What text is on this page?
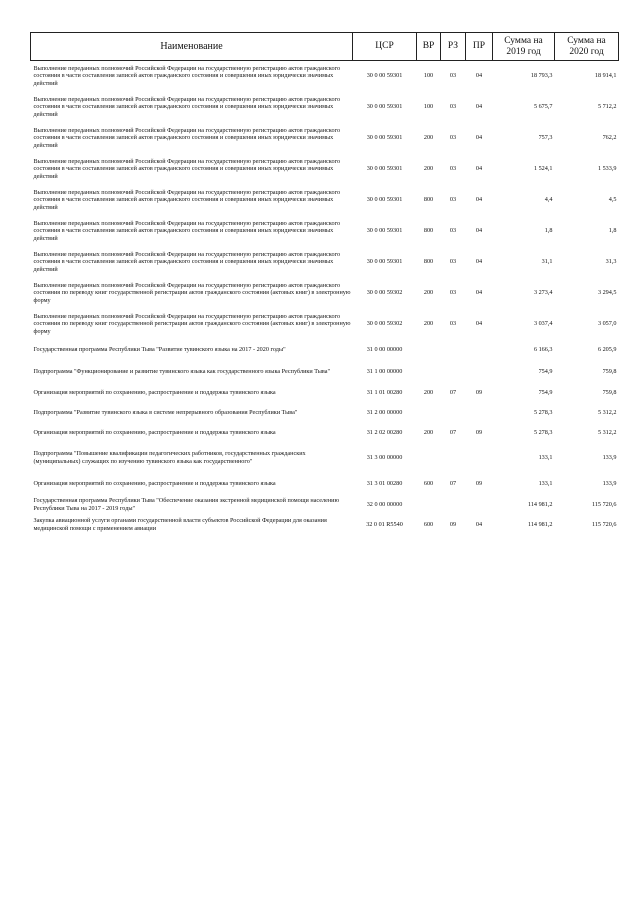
Наименование	ЦСР	ВР	РЗ	ПР	Сумма на 2019 год	Сумма на 2020 год
Выполнение переданных полномочий Российской Федерации на государственную регистрацию актов гражданского состояния в части составления записей актов гражданского состояния и совершения иных юридически значимых действий	30 0 00 59301	100	03	04	18 793,3	18 914,1
Выполнение переданных полномочий Российской Федерации на государственную регистрацию актов гражданского состояния в части составления записей актов гражданского состояния и совершения иных юридически значимых действий	30 0 00 59301	100	03	04	5 675,7	5 712,2
Выполнение переданных полномочий Российской Федерации на государственную регистрацию актов гражданского состояния в части составления записей актов гражданского состояния и совершения иных юридически значимых действий	30 0 00 59301	200	03	04	757,3	762,2
Выполнение переданных полномочий Российской Федерации на государственную регистрацию актов гражданского состояния в части составления записей актов гражданского состояния и совершения иных юридически значимых действий	30 0 00 59301	200	03	04	1 524,1	1 533,9
Выполнение переданных полномочий Российской Федерации на государственную регистрацию актов гражданского состояния в части составления записей актов гражданского состояния и совершения иных юридически значимых действий	30 0 00 59301	800	03	04	4,4	4,5
Выполнение переданных полномочий Российской Федерации на государственную регистрацию актов гражданского состояния в части составления записей актов гражданского состояния и совершения иных юридически значимых действий	30 0 00 59301	800	03	04	1,8	1,8
Выполнение переданных полномочий Российской Федерации на государственную регистрацию актов гражданского состояния в части составления записей актов гражданского состояния и совершения иных юридически значимых действий	30 0 00 59301	800	03	04	31,1	31,3
Выполнение переданных полномочий Российской Федерации на государственную регистрацию актов гражданского состояния по переводу книг государственной регистрации актов гражданского состояния (актовых книг) в электронную форму	30 0 00 59302	200	03	04	3 273,4	3 294,5
Выполнение переданных полномочий Российской Федерации на государственную регистрацию актов гражданского состояния по переводу книг государственной регистрации актов гражданского состояния (актовых книг) в электронную форму	30 0 00 59302	200	03	04	3 037,4	3 057,0
Государственная программа Республики Тыва "Развитие тувинского языка на 2017 - 2020 годы"	31 0 00 00000				6 166,3	6 205,9
Подпрограмма "Функционирование и развитие тувинского языка как государственного языка Республики Тыва"	31 1 00 00000				754,9	759,8
Организация мероприятий по сохранению, распространение и поддержка тувинского языка	31 1 01 00280	200	07	09	754,9	759,8
Подпрограмма "Развитие тувинского языка в системе непрерывного образования Республики Тыва"	31 2 00 00000				5 278,3	5 312,2
Организация мероприятий по сохранению, распространение и поддержка тувинского языка	31 2 02 00280	200	07	09	5 278,3	5 312,2
Подпрограмма "Повышение квалификации педагогических работников, государственных гражданских (муниципальных) служащих по изучению тувинского языка как государственного"	31 3 00 00000				133,1	133,9
Организация мероприятий по сохранению, распространение и поддержка тувинского языка	31 3 01 00280	600	07	09	133,1	133,9
Государственная программа Республики Тыва "Обеспечение оказания экстренной медицинской помощи населению Республики Тыва на 2017 - 2019 годы"	32 0 00 00000				114 981,2	115 720,6
Закупка авиационной услуги органами государственной власти субъектов Российской Федерации для оказания медицинской помощи с применением авиации	32 0 01 R5540	600	09	04	114 981,2	115 720,6
